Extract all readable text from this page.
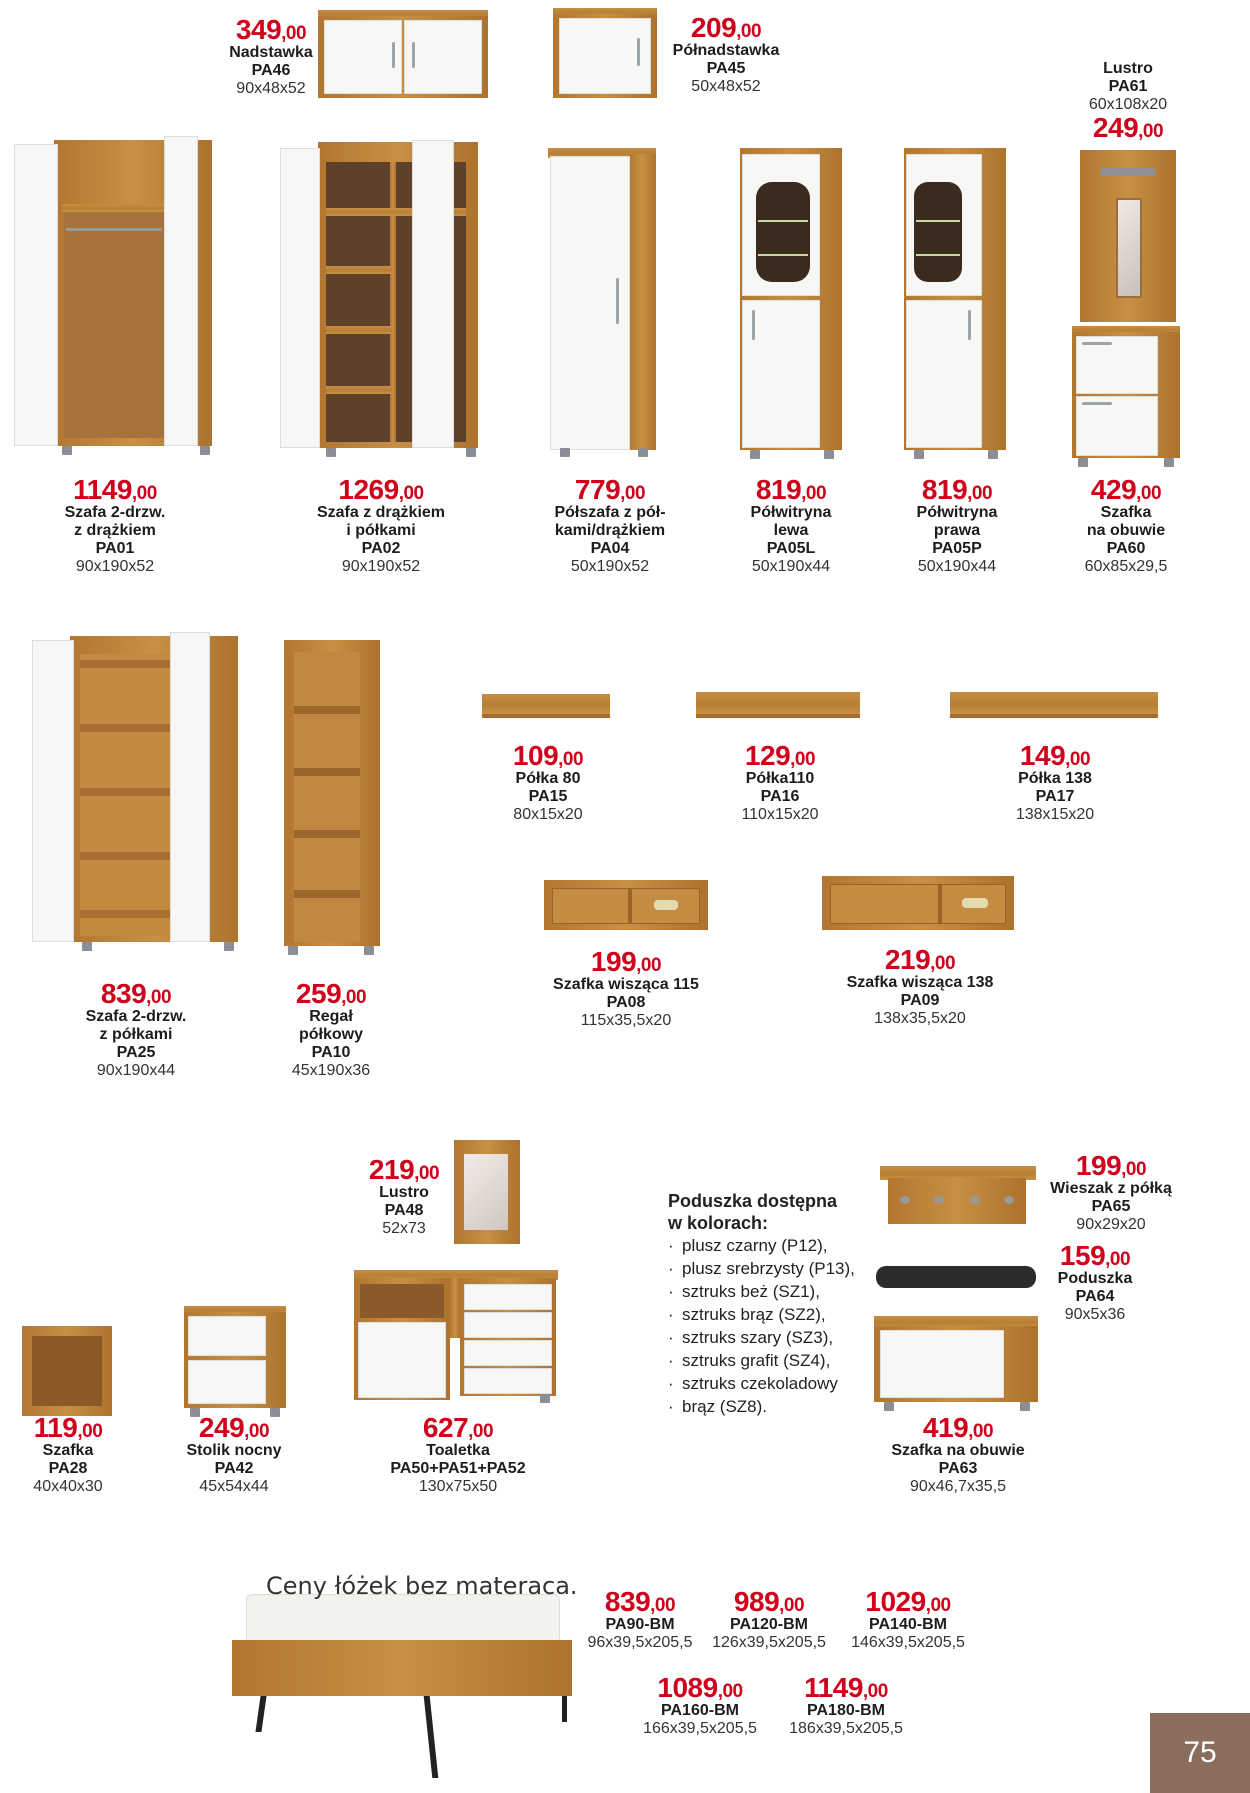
349,00
Nadstawka
PA46
90x48x52
209,00
Półnadstawka
PA45
50x48x52
Lustro
PA61
60x108x20
249,00
1149,00
Szafa 2-drzw.
z drążkiem
PA01
90x190x52
1269,00
Szafa z drążkiem
i półkami
PA02
90x190x52
779,00
Półszafa z pół-
kami/drążkiem
PA04
50x190x52
819,00
Półwitryna
lewa
PA05L
50x190x44
819,00
Półwitryna
prawa
PA05P
50x190x44
429,00
Szafka
na obuwie
PA60
60x85x29,5
109,00
Półka 80
PA15
80x15x20
129,00
Półka110
PA16
110x15x20
149,00
Półka 138
PA17
138x15x20
839,00
Szafa 2-drzw.
z półkami
PA25
90x190x44
259,00
Regał
półkowy
PA10
45x190x36
199,00
Szafka wisząca 115
PA08
115x35,5x20
219,00
Szafka wisząca 138
PA09
138x35,5x20
219,00
Lustro
PA48
52x73
199,00
Wieszak z półką
PA65
90x29x20
159,00
Poduszka
PA64
90x5x36
Poduszka dostępna
w kolorach:
· plusz czarny (P12),
· plusz srebrzysty (P13),
· sztruks beż (SZ1),
· sztruks brąz (SZ2),
· sztruks szary (SZ3),
· sztruks grafit (SZ4),
· sztruks czekoladowy
· brąz (SZ8).
119,00
Szafka
PA28
40x40x30
249,00
Stolik nocny
PA42
45x54x44
627,00
Toaletka
PA50+PA51+PA52
130x75x50
419,00
Szafka na obuwie
PA63
90x46,7x35,5
Ceny łóżek bez materaca. 839,00
PA90-BM
96x39,5x205,5
989,00
PA120-BM
126x39,5x205,5
1029,00
PA140-BM
146x39,5x205,5
1089,00
PA160-BM
166x39,5x205,5
1149,00
PA180-BM
186x39,5x205,5
75
